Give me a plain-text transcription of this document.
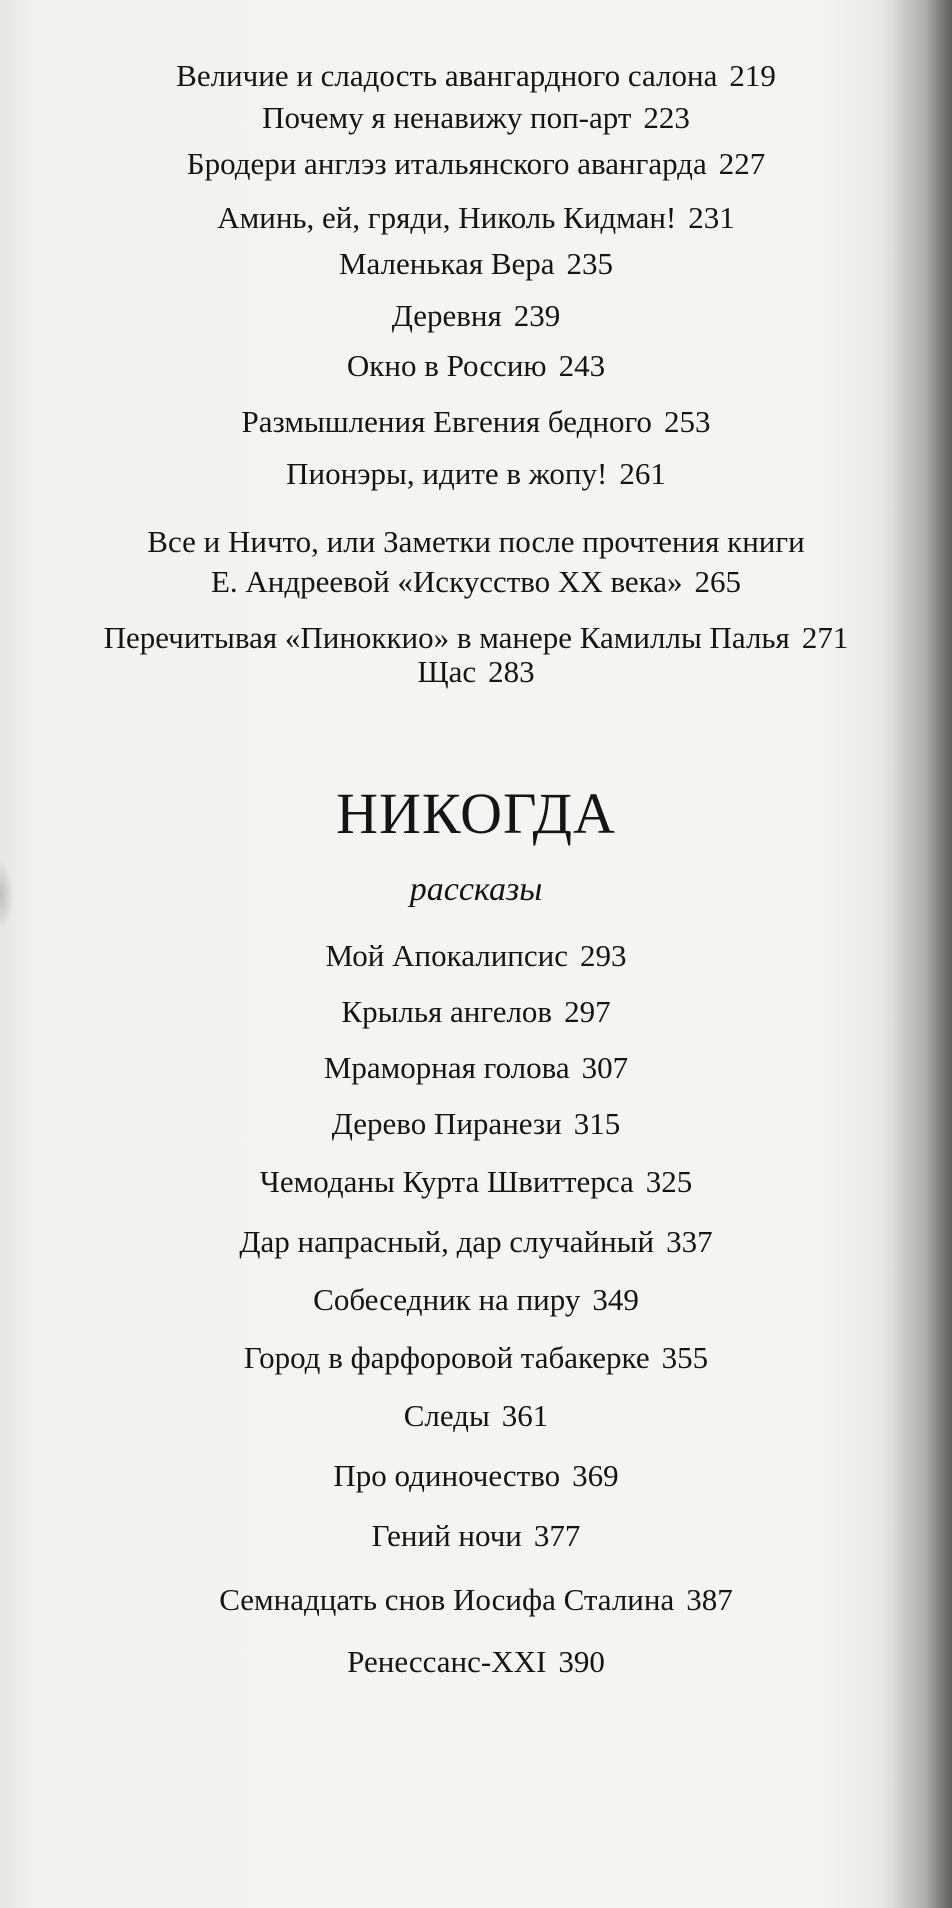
Величие и сладость авангардного салона 219
Почему я ненавижу поп-арт 223
Бродери англэз итальянского авангарда 227
Аминь, ей, гряди, Николь Кидман! 231
Маленькая Вера 235
Деревня 239
Окно в Россию 243
Размышления Евгения бедного 253
Пионэры, идите в жопу! 261
Все и Ничто, или Заметки после прочтения книги
Е. Андреевой «Искусство XX века» 265
Перечитывая «Пиноккио» в манере Камиллы Палья 271
Щас 283
НИКОГДА
рассказы
Мой Апокалипсис 293
Крылья ангелов 297
Мраморная голова 307
Дерево Пиранези 315
Чемоданы Курта Швиттерса 325
Дар напрасный, дар случайный 337
Собеседник на пиру 349
Город в фарфоровой табакерке 355
Следы 361
Про одиночество 369
Гений ночи 377
Семнадцать снов Иосифа Сталина 387
Ренессанс-XXI 390
